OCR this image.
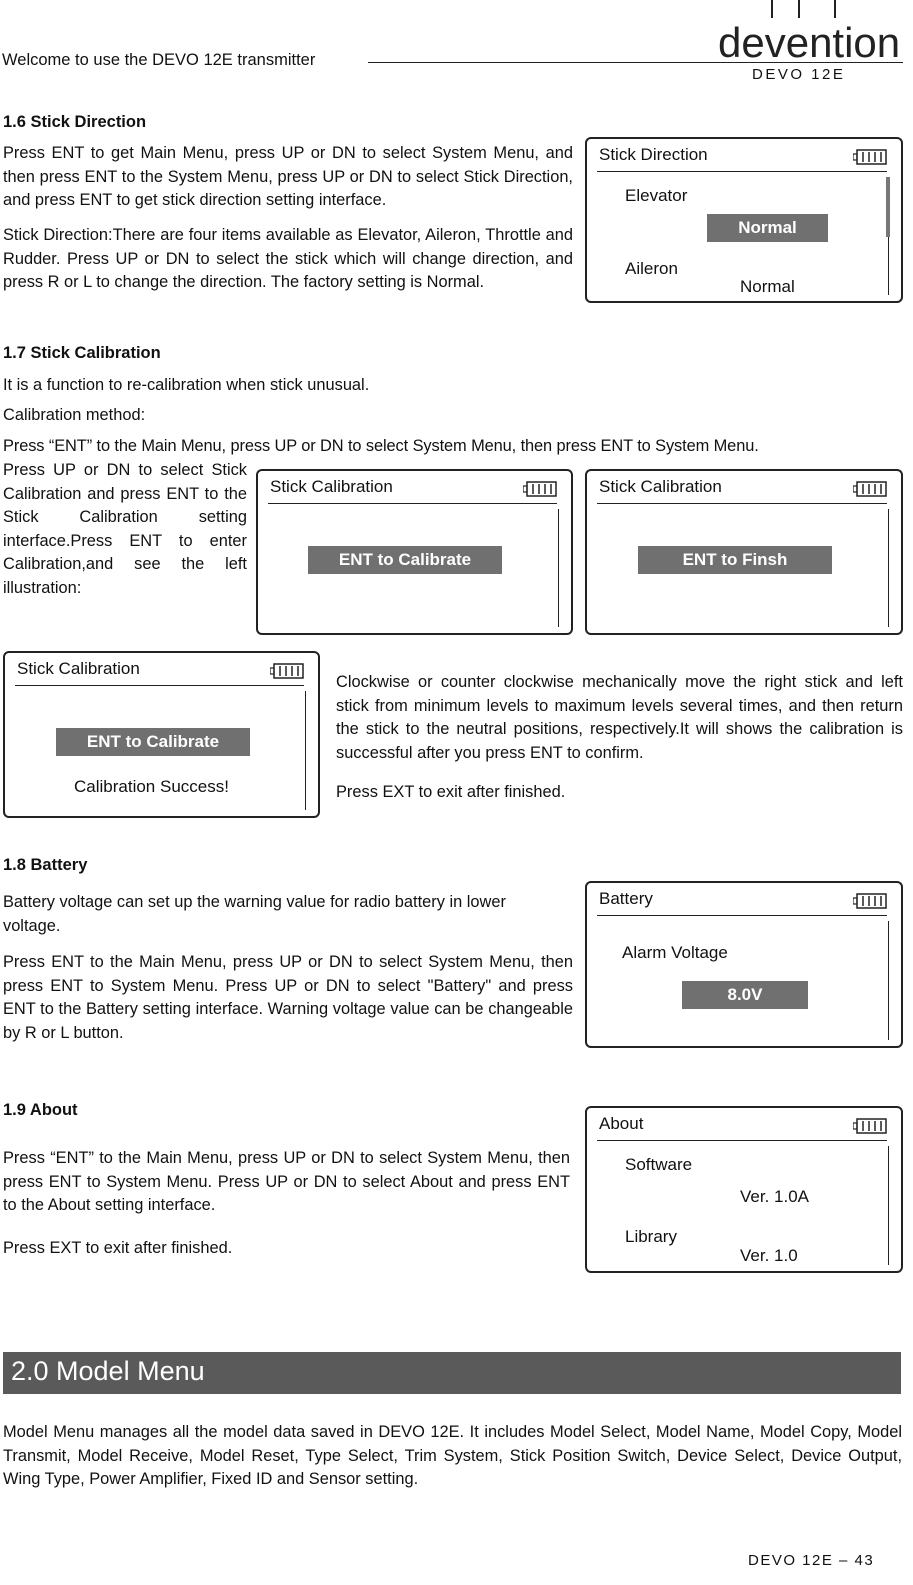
Welcome to use the DEVO 12E transmitter	devention
DEVO 12E
1.6 Stick Direction

Press ENT to get Main Menu, press UP or DN to select System Menu, and then press ENT to the System Menu, press UP or DN to select Stick Direction, and press ENT to get stick direction setting interface.

Stick Direction:There are four items available as Elevator, Aileron, Throttle and Rudder. Press UP or DN to select the stick which will change direction, and press R or L to change the direction. The factory setting is Normal.

Stick Direction
Elevator
Normal
Aileron
Normal
1.7 Stick Calibration
It is a function to re-calibration when stick unusual.
Calibration method:
Press “ENT” to the Main Menu, press UP or DN to select System Menu, then press ENT to System Menu.

Press UP or DN to select Stick Calibration and press ENT to the Stick Calibration setting interface.Press ENT to enter Calibration,and see the left illustration:

Stick Calibration
ENT to Calibrate
Stick Calibration
ENT to Finsh
Stick Calibration
ENT to Calibrate
Calibration Success!

Clockwise or counter clockwise mechanically move the right stick and left stick from minimum levels to maximum levels several times, and then return the stick to the neutral positions, respectively.It will shows the calibration is successful after you press ENT to confirm.

Press EXT to exit after finished.
1.8 Battery

Battery voltage can set up the warning value for radio battery in lower voltage.

Press ENT to the Main Menu, press UP or DN to select System Menu, then press ENT to System Menu. Press UP or DN to select "Battery" and press ENT to the Battery setting interface. Warning voltage value can be changeable by R or L button.

Battery
Alarm Voltage
8.0V
1.9 About

Press “ENT” to the Main Menu, press UP or DN to select System Menu, then press ENT to System Menu. Press UP or DN to select About and press ENT to the About setting interface.

Press EXT to exit after finished.
About
Software
Ver. 1.0A
Library
Ver. 1.0
2.0 Model Menu

Model Menu manages all the model data saved in DEVO 12E. It includes Model Select, Model Name, Model Copy, Model Transmit, Model Receive, Model Reset, Type Select, Trim System, Stick Position Switch, Device Select, Device Output, Wing Type, Power Amplifier, Fixed ID and Sensor setting.

DEVO 12E – 43
